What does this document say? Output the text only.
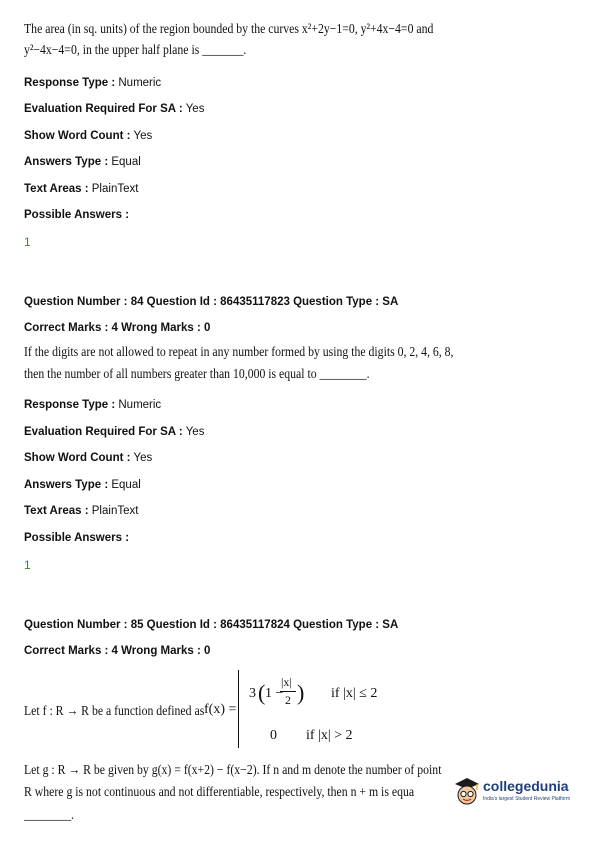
The area (in sq. units) of the region bounded by the curves x²+2y−1=0, y²+4x−4=0 and
y²−4x−4=0, in the upper half plane is _______.
Response Type : Numeric
Evaluation Required For SA : Yes
Show Word Count : Yes
Answers Type : Equal
Text Areas : PlainText
Possible Answers :
1
Question Number : 84 Question Id : 86435117823 Question Type : SA
Correct Marks : 4 Wrong Marks : 0
If the digits are not allowed to repeat in any number formed by using the digits 0, 2, 4, 6, 8,
then the number of all numbers greater than 10,000 is equal to ________.
Response Type : Numeric
Evaluation Required For SA : Yes
Show Word Count : Yes
Answers Type : Equal
Text Areas : PlainText
Possible Answers :
1
Question Number : 85 Question Id : 86435117824 Question Type : SA
Correct Marks : 4 Wrong Marks : 0
Let f : R → R be a function defined as f(x) =
3 ( 1 −
|x|
2 ) if |x| ≤ 2
0 if |x| > 2
Let g : R → R be given by g(x) = f(x+2) − f(x−2). If n and m denote the number of point
R where g is not continuous and not differentiable, respectively, then n + m is equa
________.
collegedunia
India's largest Student Review Platform
